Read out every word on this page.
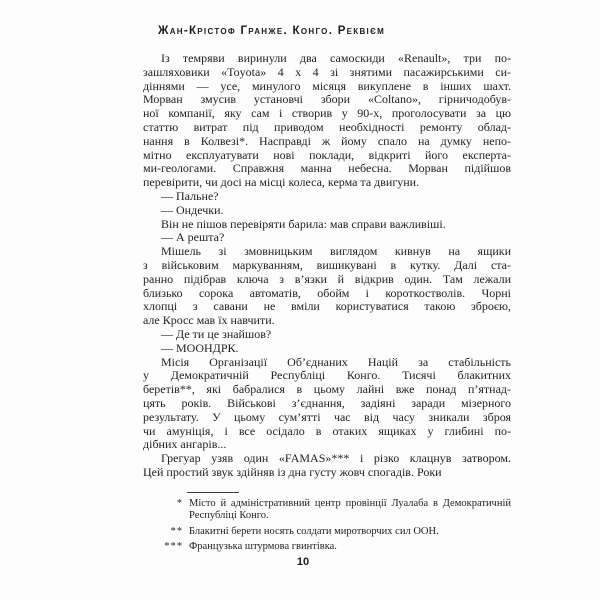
Жан-Крістоф Гранже. Конго. Реквієм
Із темряви виринули два самоскиди «Renault», три по-
зашляховики «Toyota» 4 х 4 зі знятими пасажирськими си-
діннями — усе, минулого місяця викуплене в інших шахт.
Морван змусив установчі збори «Coltano», гірничодобув-
ної компанії, яку сам і створив у 90-х, проголосувати за цю
статтю витрат під приводом необхідності ремонту облад-
нання в Колвезі*. Насправді ж йому спало на думку непо-
мітно експлуатувати нові поклади, відкриті його експерта-
ми-геологами. Справжня манна небесна. Морван підійшов
перевірити, чи досі на місці колеса, керма та двигуни.
— Пальне?
— Ондечки.
Він не пішов перевіряти барила: мав справи важливіші.
— А решта?
Мішель зі змовницьким виглядом кивнув на ящики
з військовим маркуванням, вишикувані в кутку. Далі ста-
ранно підібрав ключа з в’язки й відкрив один. Там лежали
близько сорока автоматів, обойм і короткостволів. Чорні
хлопці з савани не вміли користуватися такою зброєю,
але Кросс мав їх навчити.
— Де ти це знайшов?
— МООНДРК.
Місія Організації Об’єднаних Націй за стабільність
у Демократичній Республіці Конго. Тисячі блакитних
беретів**, які бабралися в цьому лайні вже понад п’ятнад-
цять років. Військові з’єднання, задіяні заради мізерного
результату. У цьому сум’ятті час від часу зникали зброя
чи амуніція, і все осідало в отаких ящиках у глибині по-
дібних ангарів...
Грегуар узяв один «FAMAS»*** і різко клацнув затвором.
Цей простий звук здійняв із дна густу жовч спогадів. Роки
* Місто й адміністративний центр провінції Луалаба в Демократичній Республіці Конго.
** Блакитні берети носять солдати миротворчих сил ООН.
*** Французька штурмова гвинтівка.
10
